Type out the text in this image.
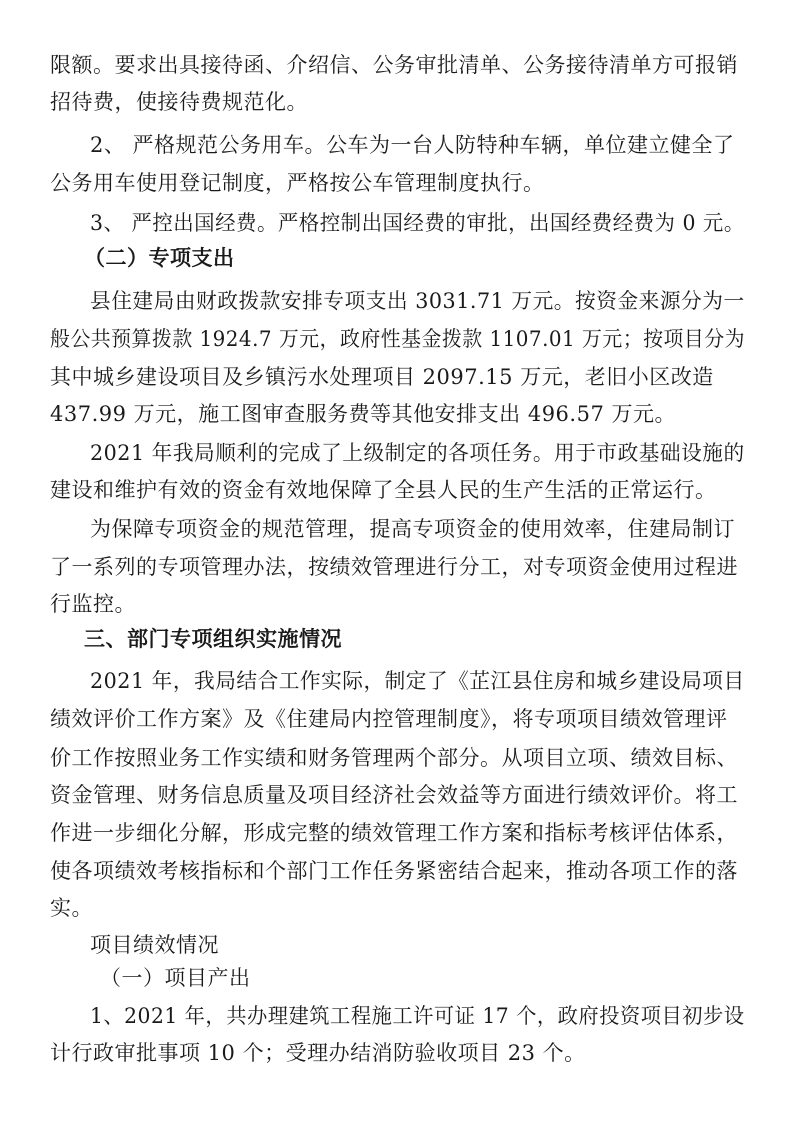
限额。要求出具接待函、介绍信、公务审批清单、公务接待清单方可报销
招待费，使接待费规范化。
2、 严格规范公务用车。公车为一台人防特种车辆，单位建立健全了
公务用车使用登记制度，严格按公车管理制度执行。
3、 严控出国经费。严格控制出国经费的审批，出国经费经费为 0 元。
（二）专项支出
县住建局由财政拨款安排专项支出 3031.71 万元。按资金来源分为一
般公共预算拨款 1924.7 万元，政府性基金拨款 1107.01 万元；按项目分为
其中城乡建设项目及乡镇污水处理项目 2097.15 万元，老旧小区改造
437.99 万元，施工图审查服务费等其他安排支出 496.57 万元。
2021 年我局顺利的完成了上级制定的各项任务。用于市政基础设施的
建设和维护有效的资金有效地保障了全县人民的生产生活的正常运行。
为保障专项资金的规范管理，提高专项资金的使用效率，住建局制订
了一系列的专项管理办法，按绩效管理进行分工，对专项资金使用过程进
行监控。
三、部门专项组织实施情况
2021 年，我局结合工作实际，制定了《芷江县住房和城乡建设局项目
绩效评价工作方案》及《住建局内控管理制度》，将专项项目绩效管理评
价工作按照业务工作实绩和财务管理两个部分。从项目立项、绩效目标、
资金管理、财务信息质量及项目经济社会效益等方面进行绩效评价。将工
作进一步细化分解，形成完整的绩效管理工作方案和指标考核评估体系，
使各项绩效考核指标和个部门工作任务紧密结合起来，推动各项工作的落
实。
项目绩效情况
（一）项目产出
1、2021 年，共办理建筑工程施工许可证 17 个，政府投资项目初步设
计行政审批事项 10 个；受理办结消防验收项目 23 个。
